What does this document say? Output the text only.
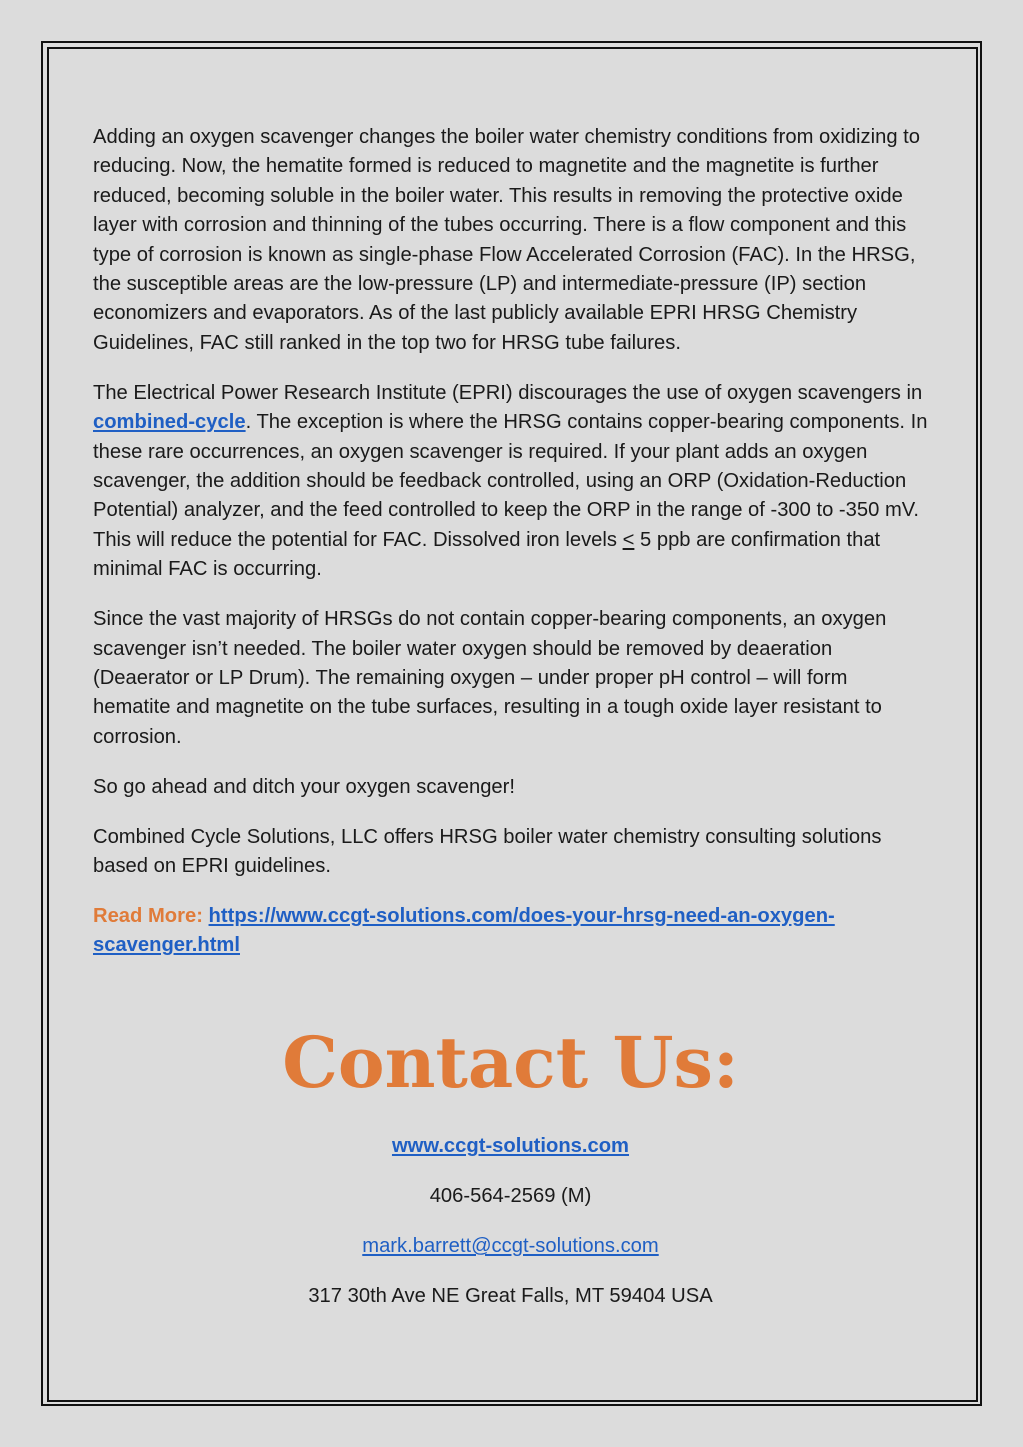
Adding an oxygen scavenger changes the boiler water chemistry conditions from oxidizing to reducing. Now, the hematite formed is reduced to magnetite and the magnetite is further reduced, becoming soluble in the boiler water. This results in removing the protective oxide layer with corrosion and thinning of the tubes occurring. There is a flow component and this type of corrosion is known as single-phase Flow Accelerated Corrosion (FAC). In the HRSG, the susceptible areas are the low-pressure (LP) and intermediate-pressure (IP) section economizers and evaporators. As of the last publicly available EPRI HRSG Chemistry Guidelines, FAC still ranked in the top two for HRSG tube failures.

The Electrical Power Research Institute (EPRI) discourages the use of oxygen scavengers in combined-cycle. The exception is where the HRSG contains copper-bearing components. In these rare occurrences, an oxygen scavenger is required. If your plant adds an oxygen scavenger, the addition should be feedback controlled, using an ORP (Oxidation-Reduction Potential) analyzer, and the feed controlled to keep the ORP in the range of -300 to -350 mV. This will reduce the potential for FAC. Dissolved iron levels ≤ 5 ppb are confirmation that minimal FAC is occurring.

Since the vast majority of HRSGs do not contain copper-bearing components, an oxygen scavenger isn’t needed. The boiler water oxygen should be removed by deaeration (Deaerator or LP Drum). The remaining oxygen – under proper pH control – will form hematite and magnetite on the tube surfaces, resulting in a tough oxide layer resistant to corrosion.

So go ahead and ditch your oxygen scavenger!

Combined Cycle Solutions, LLC offers HRSG boiler water chemistry consulting solutions based on EPRI guidelines.

Read More: https://www.ccgt-solutions.com/does-your-hrsg-need-an-oxygen-scavenger.html

Contact Us:
www.ccgt-solutions.com
406-564-2569 (M)
mark.barrett@ccgt-solutions.com
317 30th Ave NE Great Falls, MT 59404 USA
